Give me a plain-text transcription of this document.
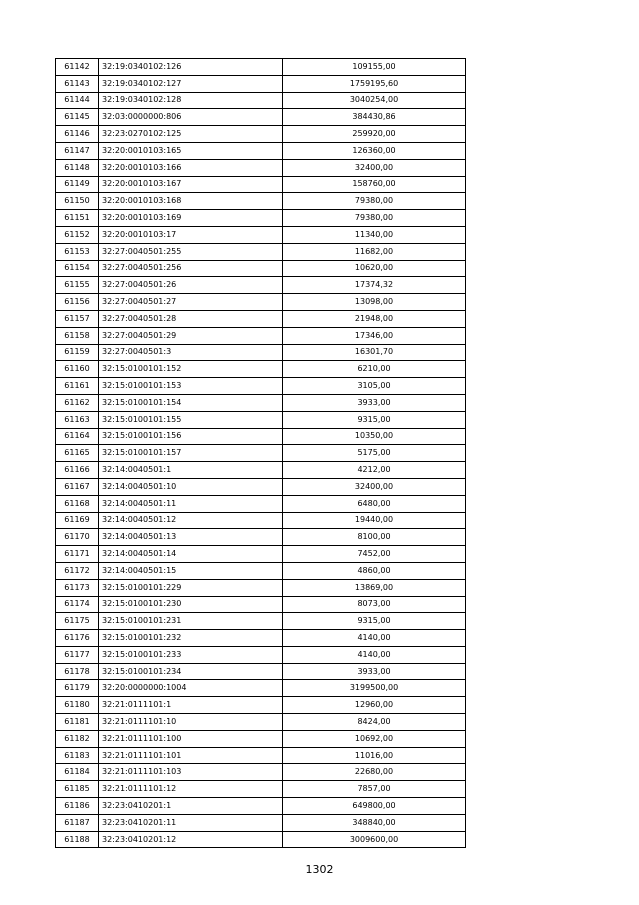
61142	32:19:0340102:126	109155,00
61143	32:19:0340102:127	1759195,60
61144	32:19:0340102:128	3040254,00
61145	32:03:0000000:806	384430,86
61146	32:23:0270102:125	259920,00
61147	32:20:0010103:165	126360,00
61148	32:20:0010103:166	32400,00
61149	32:20:0010103:167	158760,00
61150	32:20:0010103:168	79380,00
61151	32:20:0010103:169	79380,00
61152	32:20:0010103:17	11340,00
61153	32:27:0040501:255	11682,00
61154	32:27:0040501:256	10620,00
61155	32:27:0040501:26	17374,32
61156	32:27:0040501:27	13098,00
61157	32:27:0040501:28	21948,00
61158	32:27:0040501:29	17346,00
61159	32:27:0040501:3	16301,70
61160	32:15:0100101:152	6210,00
61161	32:15:0100101:153	3105,00
61162	32:15:0100101:154	3933,00
61163	32:15:0100101:155	9315,00
61164	32:15:0100101:156	10350,00
61165	32:15:0100101:157	5175,00
61166	32:14:0040501:1	4212,00
61167	32:14:0040501:10	32400,00
61168	32:14:0040501:11	6480,00
61169	32:14:0040501:12	19440,00
61170	32:14:0040501:13	8100,00
61171	32:14:0040501:14	7452,00
61172	32:14:0040501:15	4860,00
61173	32:15:0100101:229	13869,00
61174	32:15:0100101:230	8073,00
61175	32:15:0100101:231	9315,00
61176	32:15:0100101:232	4140,00
61177	32:15:0100101:233	4140,00
61178	32:15:0100101:234	3933,00
61179	32:20:0000000:1004	3199500,00
61180	32:21:0111101:1	12960,00
61181	32:21:0111101:10	8424,00
61182	32:21:0111101:100	10692,00
61183	32:21:0111101:101	11016,00
61184	32:21:0111101:103	22680,00
61185	32:21:0111101:12	7857,00
61186	32:23:0410201:1	649800,00
61187	32:23:0410201:11	348840,00
61188	32:23:0410201:12	3009600,00
1302
